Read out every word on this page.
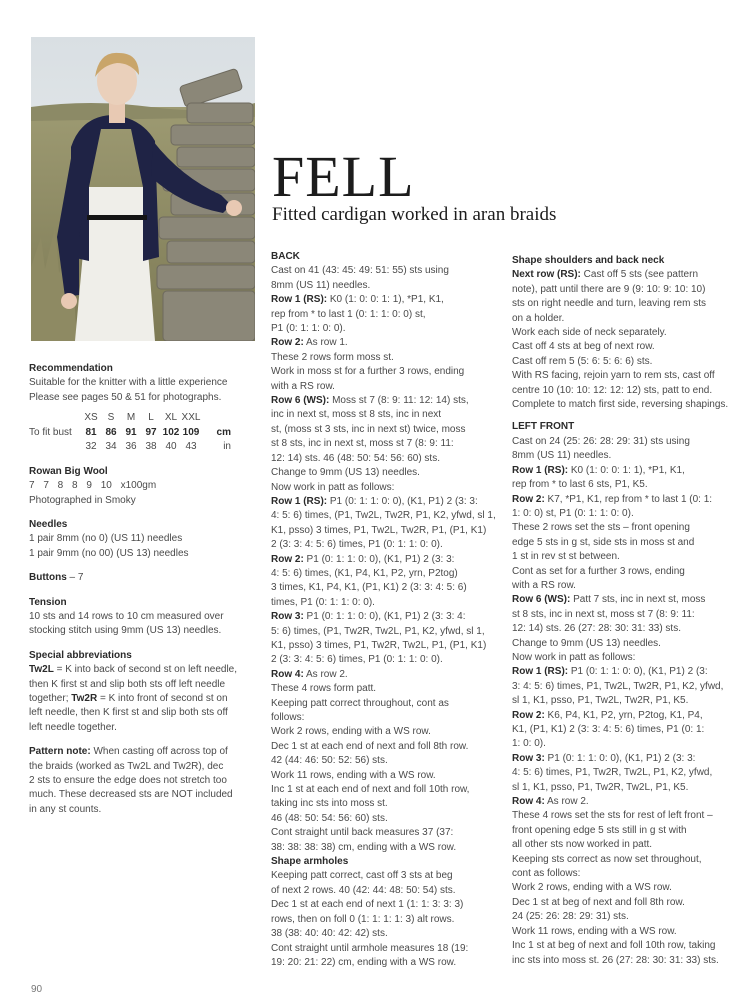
FELL
Fitted cardigan worked in aran braids

Recommendation

Suitable for the knitter with a little experience

Please see pages 50 & 51 for photographs.

	XS	S	M	L	XL	XXL	
To fit bust	81	86	91	97	102	109	cm
	32	34	36	38	40	43	in

Rowan Big Wool

7 7 8 8 9 10 x100gm

Photographed in Smoky

Needles

1 pair 8mm (no 0) (US 11) needles

1 pair 9mm (no 00) (US 13) needles

Buttons – 7

Tension

10 sts and 14 rows to 10 cm measured over

stocking stitch using 9mm (US 13) needles.

Special abbreviations

Tw2L = K into back of second st on left needle,

then K first st and slip both sts off left needle

together; Tw2R = K into front of second st on

left needle, then K first st and slip both sts off

left needle together.

Pattern note: When casting off across top of

the braids (worked as Tw2L and Tw2R), dec

2 sts to ensure the edge does not stretch too

much. These decreased sts are NOT included

in any st counts.

BACK

Cast on 41 (43: 45: 49: 51: 55) sts using

8mm (US 11) needles.

Row 1 (RS): K0 (1: 0: 0: 1: 1), *P1, K1,

rep from * to last 1 (0: 1: 1: 0: 0) st,

P1 (0: 1: 1: 0: 0).

Row 2: As row 1.

These 2 rows form moss st.

Work in moss st for a further 3 rows, ending

with a RS row.

Row 6 (WS): Moss st 7 (8: 9: 11: 12: 14) sts,

inc in next st, moss st 8 sts, inc in next

st, (moss st 3 sts, inc in next st) twice, moss

st 8 sts, inc in next st, moss st 7 (8: 9: 11:

12: 14) sts. 46 (48: 50: 54: 56: 60) sts.

Change to 9mm (US 13) needles.

Now work in patt as follows:

Row 1 (RS): P1 (0: 1: 1: 0: 0), (K1, P1) 2 (3: 3:

4: 5: 6) times, (P1, Tw2L, Tw2R, P1, K2, yfwd, sl 1,

K1, psso) 3 times, P1, Tw2L, Tw2R, P1, (P1, K1)

2 (3: 3: 4: 5: 6) times, P1 (0: 1: 1: 0: 0).

Row 2: P1 (0: 1: 1: 0: 0), (K1, P1) 2 (3: 3:

4: 5: 6) times, (K1, P4, K1, P2, yrn, P2tog)

3 times, K1, P4, K1, (P1, K1) 2 (3: 3: 4: 5: 6)

times, P1 (0: 1: 1: 0: 0).

Row 3: P1 (0: 1: 1: 0: 0), (K1, P1) 2 (3: 3: 4:

5: 6) times, (P1, Tw2R, Tw2L, P1, K2, yfwd, sl 1,

K1, psso) 3 times, P1, Tw2R, Tw2L, P1, (P1, K1)

2 (3: 3: 4: 5: 6) times, P1 (0: 1: 1: 0: 0).

Row 4: As row 2.

These 4 rows form patt.

Keeping patt correct throughout, cont as

follows:

Work 2 rows, ending with a WS row.

Dec 1 st at each end of next and foll 8th row.

42 (44: 46: 50: 52: 56) sts.

Work 11 rows, ending with a WS row.

Inc 1 st at each end of next and foll 10th row,

taking inc sts into moss st.

46 (48: 50: 54: 56: 60) sts.

Cont straight until back measures 37 (37:

38: 38: 38: 38) cm, ending with a WS row.

Shape armholes

Keeping patt correct, cast off 3 sts at beg

of next 2 rows. 40 (42: 44: 48: 50: 54) sts.

Dec 1 st at each end of next 1 (1: 1: 3: 3: 3)

rows, then on foll 0 (1: 1: 1: 1: 3) alt rows.

38 (38: 40: 40: 42: 42) sts.

Cont straight until armhole measures 18 (19:

19: 20: 21: 22) cm, ending with a WS row.

Shape shoulders and back neck

Next row (RS): Cast off 5 sts (see pattern

note), patt until there are 9 (9: 10: 9: 10: 10)

sts on right needle and turn, leaving rem sts

on a holder.

Work each side of neck separately.

Cast off 4 sts at beg of next row.

Cast off rem 5 (5: 6: 5: 6: 6) sts.

With RS facing, rejoin yarn to rem sts, cast off

centre 10 (10: 10: 12: 12: 12) sts, patt to end.

Complete to match first side, reversing shapings.

LEFT FRONT

Cast on 24 (25: 26: 28: 29: 31) sts using

8mm (US 11) needles.

Row 1 (RS): K0 (1: 0: 0: 1: 1), *P1, K1,

rep from * to last 6 sts, P1, K5.

Row 2: K7, *P1, K1, rep from * to last 1 (0: 1:

1: 0: 0) st, P1 (0: 1: 1: 0: 0).

These 2 rows set the sts – front opening

edge 5 sts in g st, side sts in moss st and

1 st in rev st st between.

Cont as set for a further 3 rows, ending

with a RS row.

Row 6 (WS): Patt 7 sts, inc in next st, moss

st 8 sts, inc in next st, moss st 7 (8: 9: 11:

12: 14) sts. 26 (27: 28: 30: 31: 33) sts.

Change to 9mm (US 13) needles.

Now work in patt as follows:

Row 1 (RS): P1 (0: 1: 1: 0: 0), (K1, P1) 2 (3:

3: 4: 5: 6) times, P1, Tw2L, Tw2R, P1, K2, yfwd,

sl 1, K1, psso, P1, Tw2L, Tw2R, P1, K5.

Row 2: K6, P4, K1, P2, yrn, P2tog, K1, P4,

K1, (P1, K1) 2 (3: 3: 4: 5: 6) times, P1 (0: 1:

1: 0: 0).

Row 3: P1 (0: 1: 1: 0: 0), (K1, P1) 2 (3: 3:

4: 5: 6) times, P1, Tw2R, Tw2L, P1, K2, yfwd,

sl 1, K1, psso, P1, Tw2R, Tw2L, P1, K5.

Row 4: As row 2.

These 4 rows set the sts for rest of left front –

front opening edge 5 sts still in g st with

all other sts now worked in patt.

Keeping sts correct as now set throughout,

cont as follows:

Work 2 rows, ending with a WS row.

Dec 1 st at beg of next and foll 8th row.

24 (25: 26: 28: 29: 31) sts.

Work 11 rows, ending with a WS row.

Inc 1 st at beg of next and foll 10th row, taking

inc sts into moss st. 26 (27: 28: 30: 31: 33) sts.

90
